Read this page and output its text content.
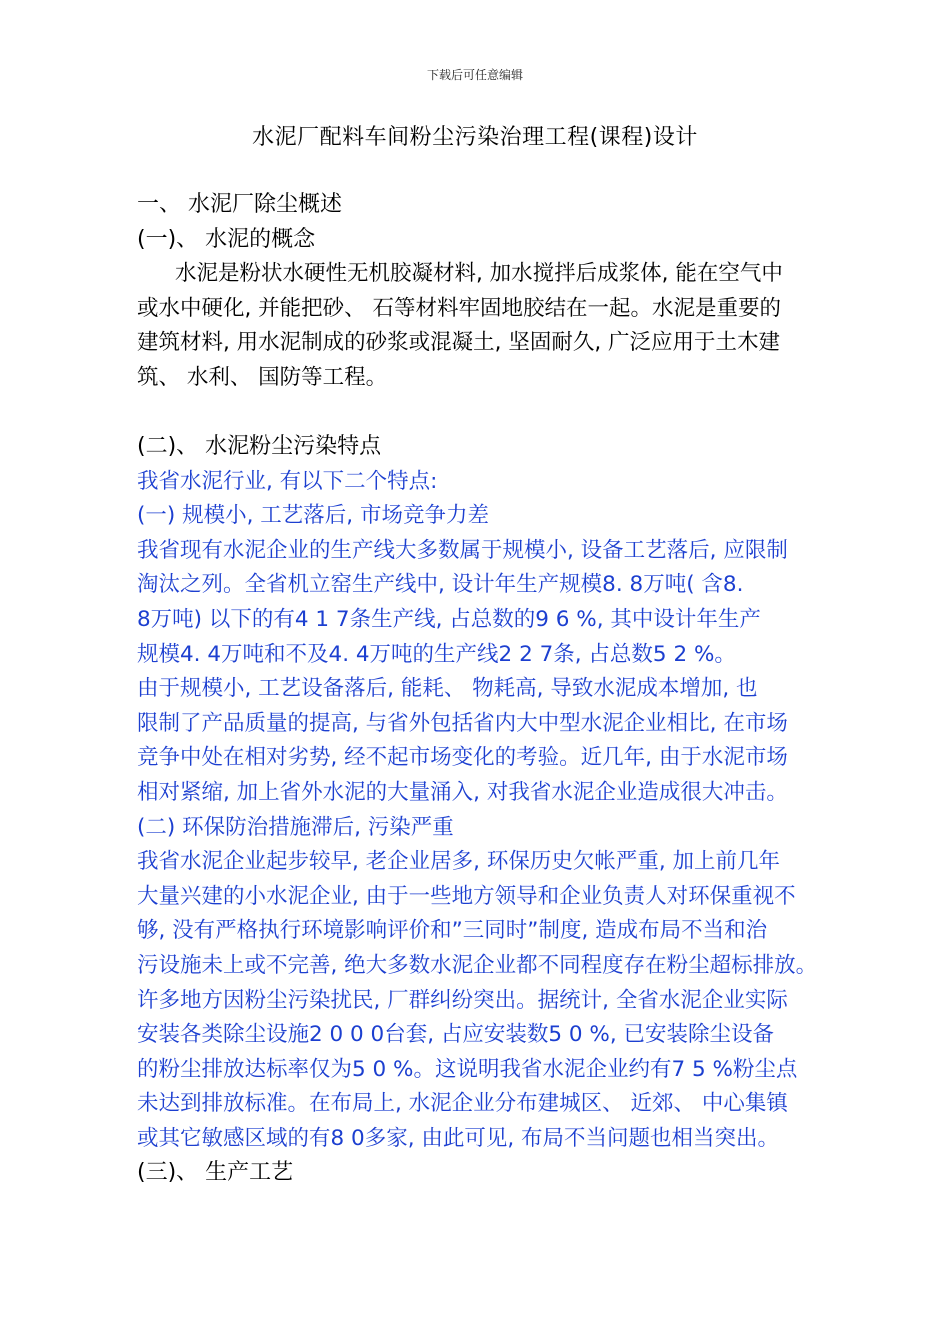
下载后可任意编辑
水泥厂配料车间粉尘污染治理工程(课程)设计
一、 水泥厂除尘概述
(一)、 水泥的概念
水泥是粉状水硬性无机胶凝材料, 加水搅拌后成浆体, 能在空气中
或水中硬化, 并能把砂、 石等材料牢固地胶结在一起。水泥是重要的
建筑材料, 用水泥制成的砂浆或混凝土, 坚固耐久, 广泛应用于土木建
筑、 水利、 国防等工程。
(二)、 水泥粉尘污染特点
我省水泥行业, 有以下二个特点:
(一) 规模小, 工艺落后, 市场竞争力差
我省现有水泥企业的生产线大多数属于规模小, 设备工艺落后, 应限制
淘汰之列。全省机立窑生产线中, 设计年生产规模8. 8万吨( 含8.
8万吨) 以下的有4 1 7条生产线, 占总数的9 6 %, 其中设计年生产
规模4. 4万吨和不及4. 4万吨的生产线2 2 7条, 占总数5 2 %。
由于规模小, 工艺设备落后, 能耗、 物耗高, 导致水泥成本增加, 也
限制了产品质量的提高, 与省外包括省内大中型水泥企业相比, 在市场
竞争中处在相对劣势, 经不起市场变化的考验。近几年, 由于水泥市场
相对紧缩, 加上省外水泥的大量涌入, 对我省水泥企业造成很大冲击。
(二) 环保防治措施滞后, 污染严重
我省水泥企业起步较早, 老企业居多, 环保历史欠帐严重, 加上前几年
大量兴建的小水泥企业, 由于一些地方领导和企业负责人对环保重视不
够, 没有严格执行环境影响评价和”三同时”制度, 造成布局不当和治
污设施未上或不完善, 绝大多数水泥企业都不同程度存在粉尘超标排放。
许多地方因粉尘污染扰民, 厂群纠纷突出。据统计, 全省水泥企业实际
安装各类除尘设施2 0 0 0台套, 占应安装数5 0 %, 已安装除尘设备
的粉尘排放达标率仅为5 0 %。这说明我省水泥企业约有7 5 %粉尘点
未达到排放标准。在布局上, 水泥企业分布建城区、 近郊、 中心集镇
或其它敏感区域的有8 0多家, 由此可见, 布局不当问题也相当突出。
(三)、 生产工艺
